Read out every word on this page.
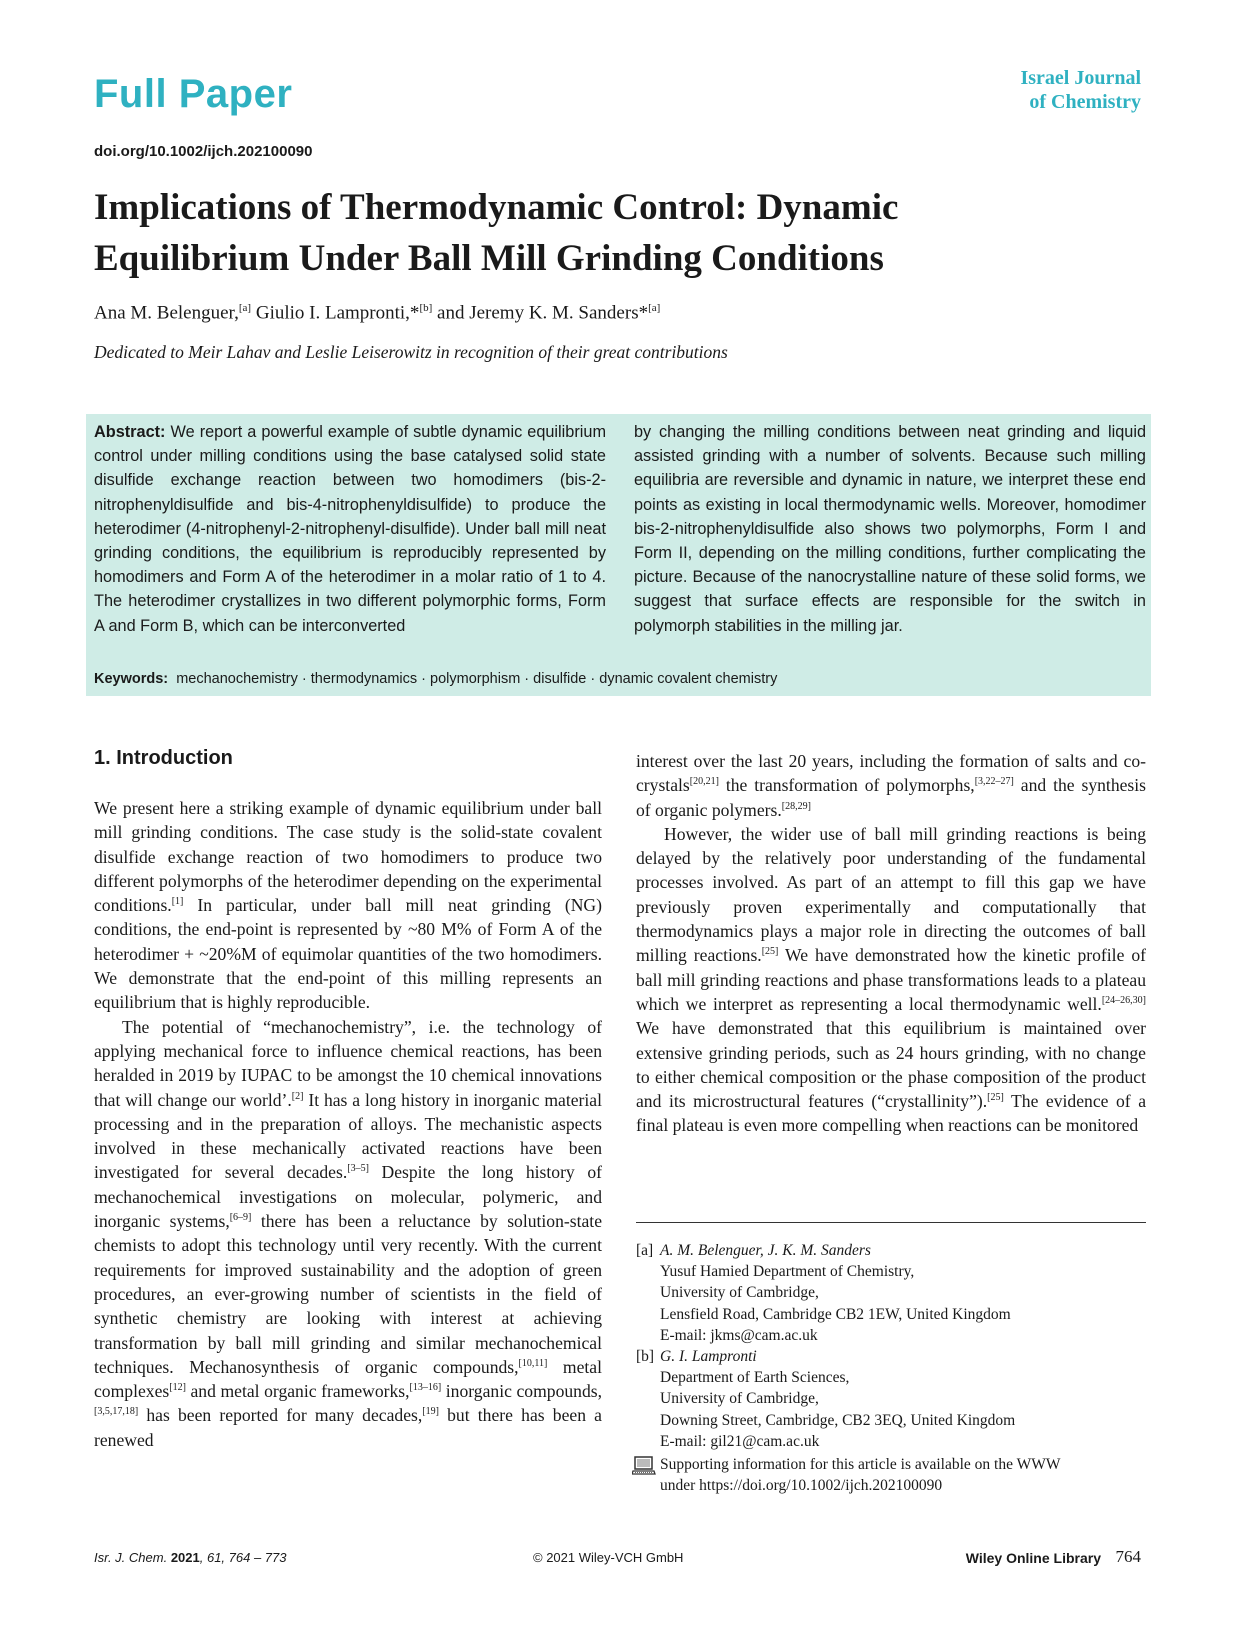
Full Paper	Israel Journal
of Chemistry
doi.org/10.1002/ijch.202100090
Implications of Thermodynamic Control: Dynamic
Equilibrium Under Ball Mill Grinding Conditions
Ana M. Belenguer,[a] Giulio I. Lampronti,*[b] and Jeremy K. M. Sanders*[a]
Dedicated to Meir Lahav and Leslie Leiserowitz in recognition of their great contributions
Abstract: We report a powerful example of subtle dynamic equilibrium control under milling conditions using the base catalysed solid state disulfide exchange reaction between two homodimers (bis-2-nitrophenyldisulfide and bis-4-nitrophenyldisulfide) to produce the heterodimer (4-nitrophenyl-2-nitrophenyl-disulfide). Under ball mill neat grinding conditions, the equilibrium is reproducibly represented by homodimers and Form A of the heterodimer in a molar ratio of 1 to 4. The heterodimer crystallizes in two different polymorphic forms, Form A and Form B, which can be interconverted
by changing the milling conditions between neat grinding and liquid assisted grinding with a number of solvents. Because such milling equilibria are reversible and dynamic in nature, we interpret these end points as existing in local thermodynamic wells. Moreover, homodimer bis-2-nitrophenyldisulfide also shows two polymorphs, Form I and Form II, depending on the milling conditions, further complicating the picture. Because of the nanocrystalline nature of these solid forms, we suggest that surface effects are responsible for the switch in polymorph stabilities in the milling jar.
Keywords: mechanochemistry · thermodynamics · polymorphism · disulfide · dynamic covalent chemistry
1. Introduction

We present here a striking example of dynamic equilibrium under ball mill grinding conditions. The case study is the solid-state covalent disulfide exchange reaction of two homodimers to produce two different polymorphs of the heterodimer depending on the experimental conditions.[1] In particular, under ball mill neat grinding (NG) conditions, the end-point is represented by ~80 M% of Form A of the heterodimer + ~20%M of equimolar quantities of the two homodimers. We demonstrate that the end-point of this milling represents an equilibrium that is highly reproducible.

The potential of “mechanochemistry”, i.e. the technology of applying mechanical force to influence chemical reactions, has been heralded in 2019 by IUPAC to be amongst the 10 chemical innovations that will change our world’.[2] It has a long history in inorganic material processing and in the preparation of alloys. The mechanistic aspects involved in these mechanically activated reactions have been investigated for several decades.[3–5] Despite the long history of mechanochemical investigations on molecular, polymeric, and inorganic systems,[6–9] there has been a reluctance by solution-state chemists to adopt this technology until very recently. With the current requirements for improved sustainability and the adoption of green procedures, an ever-growing number of scientists in the field of synthetic chemistry are looking with interest at achieving transformation by ball mill grinding and similar mechanochemical techniques. Mechanosynthesis of organic compounds,[10,11] metal complexes[12] and metal organic frameworks,[13–16] inorganic compounds,[3,5,17,18] has been reported for many decades,[19] but there has been a renewed

interest over the last 20 years, including the formation of salts and co-crystals[20,21] the transformation of polymorphs,[3,22–27] and the synthesis of organic polymers.[28,29]

However, the wider use of ball mill grinding reactions is being delayed by the relatively poor understanding of the fundamental processes involved. As part of an attempt to fill this gap we have previously proven experimentally and computationally that thermodynamics plays a major role in directing the outcomes of ball milling reactions.[25] We have demonstrated how the kinetic profile of ball mill grinding reactions and phase transformations leads to a plateau which we interpret as representing a local thermodynamic well.[24–26,30] We have demonstrated that this equilibrium is maintained over extensive grinding periods, such as 24 hours grinding, with no change to either chemical composition or the phase composition of the product and its microstructural features (“crystallinity”).[25] The evidence of a final plateau is even more compelling when reactions can be monitored

[a] A. M. Belenguer, J. K. M. Sanders
Yusuf Hamied Department of Chemistry,
University of Cambridge,
Lensfield Road, Cambridge CB2 1EW, United Kingdom
E-mail: jkms@cam.ac.uk
[b] G. I. Lampronti
Department of Earth Sciences,
University of Cambridge,
Downing Street, Cambridge, CB2 3EQ, United Kingdom
E-mail: gil21@cam.ac.uk
Supporting information for this article is available on the WWW
under https://doi.org/10.1002/ijch.202100090
Isr. J. Chem. 2021, 61, 764 – 773	© 2021 Wiley-VCH GmbH	Wiley Online Library 764
